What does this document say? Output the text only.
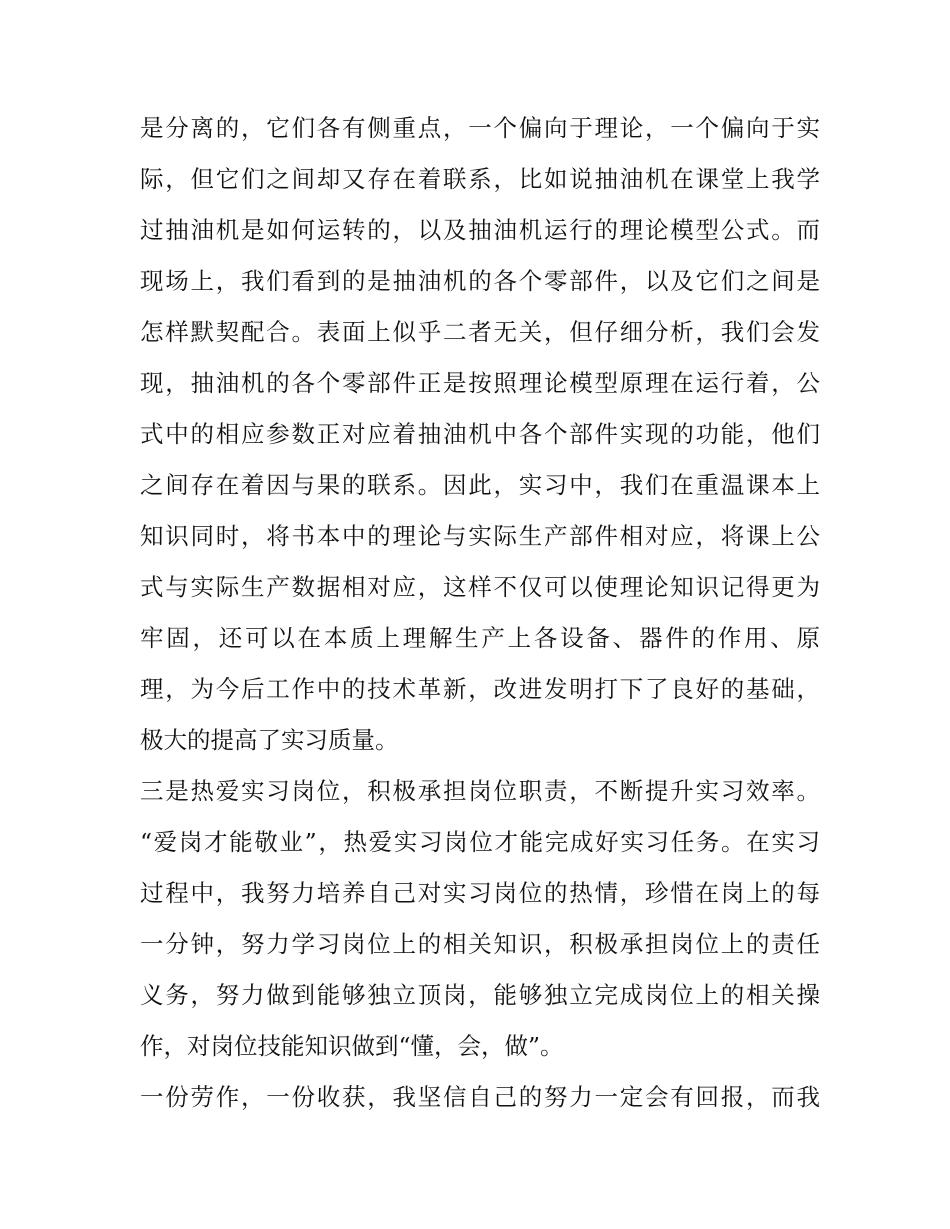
是分离的，它们各有侧重点，一个偏向于理论，一个偏向于实
际，但它们之间却又存在着联系，比如说抽油机在课堂上我学
过抽油机是如何运转的，以及抽油机运行的理论模型公式。而
现场上，我们看到的是抽油机的各个零部件，以及它们之间是
怎样默契配合。表面上似乎二者无关，但仔细分析，我们会发
现，抽油机的各个零部件正是按照理论模型原理在运行着，公
式中的相应参数正对应着抽油机中各个部件实现的功能，他们
之间存在着因与果的联系。因此，实习中，我们在重温课本上
知识同时，将书本中的理论与实际生产部件相对应，将课上公
式与实际生产数据相对应，这样不仅可以使理论知识记得更为
牢固，还可以在本质上理解生产上各设备、器件的作用、原
理，为今后工作中的技术革新，改进发明打下了良好的基础，
极大的提高了实习质量。
三是热爱实习岗位，积极承担岗位职责，不断提升实习效率。
“爱岗才能敬业”，热爱实习岗位才能完成好实习任务。在实习
过程中，我努力培养自己对实习岗位的热情，珍惜在岗上的每
一分钟，努力学习岗位上的相关知识，积极承担岗位上的责任
义务，努力做到能够独立顶岗，能够独立完成岗位上的相关操
作，对岗位技能知识做到“懂，会，做”。
一份劳作，一份收获，我坚信自己的努力一定会有回报，而我
